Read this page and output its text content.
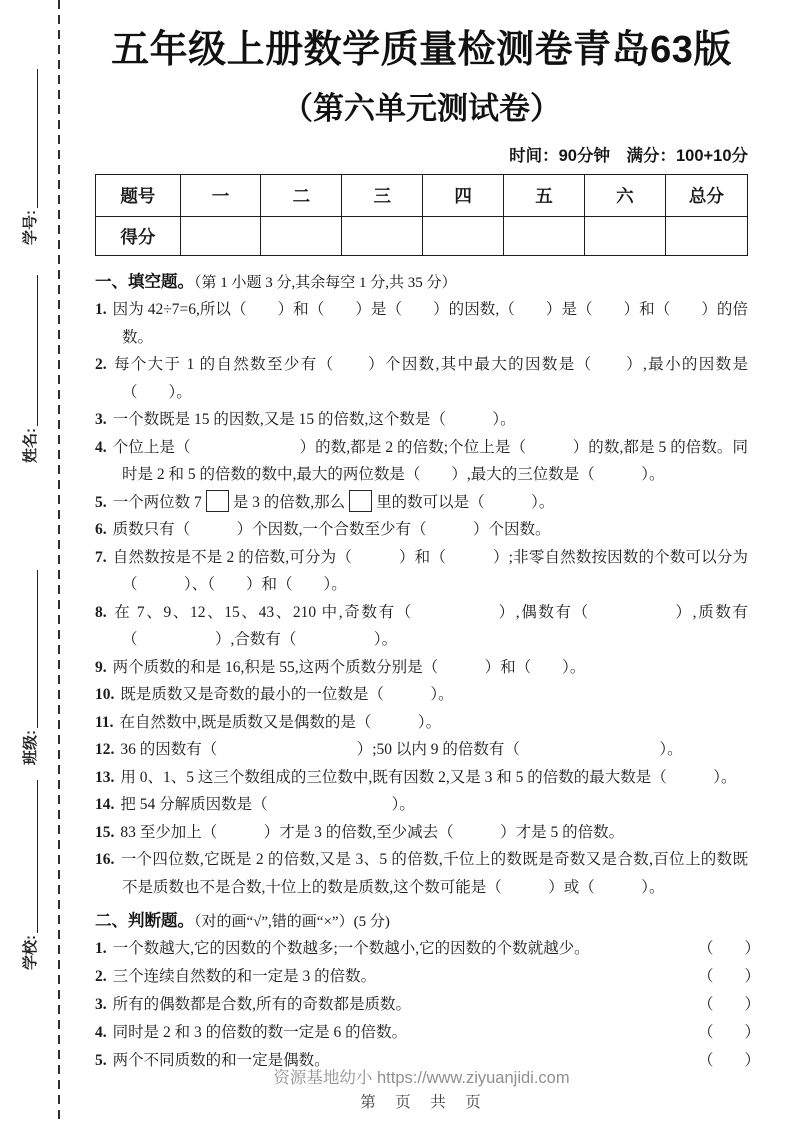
学号:
姓名:
班级:
学校:
五年级上册数学质量检测卷青岛63版
（第六单元测试卷）
时间：90分钟　满分：100+10分
题号	一	二	三	四	五	六	总分
得分							
一、填空题。（第 1 小题 3 分,其余每空 1 分,共 35 分）
1. 因为 42÷7=6,所以（　　）和（　　）是（　　）的因数,（　　）是（　　）和（　　）的倍数。
2. 每个大于 1 的自然数至少有（　　）个因数,其中最大的因数是（　　）,最小的因数是（　　）。
3. 一个数既是 15 的因数,又是 15 的倍数,这个数是（　　　）。
4. 个位上是（　　　　　　　）的数,都是 2 的倍数;个位上是（　　　）的数,都是 5 的倍数。同时是 2 和 5 的倍数的数中,最大的两位数是（　　）,最大的三位数是（　　　）。
5. 一个两位数 7 是 3 的倍数,那么 里的数可以是（　　　）。
6. 质数只有（　　　）个因数,一个合数至少有（　　　）个因数。
7. 自然数按是不是 2 的倍数,可分为（　　　）和（　　　）;非零自然数按因数的个数可以分为（　　　）、（　　）和（　　）。
8. 在 7、9、12、15、43、210 中,奇数有（　　　　　）,偶数有（　　　　　）,质数有（　　　　　）,合数有（　　　　　）。
9. 两个质数的和是 16,积是 55,这两个质数分别是（　　　）和（　　）。
10. 既是质数又是奇数的最小的一位数是（　　　）。
11. 在自然数中,既是质数又是偶数的是（　　　）。
12. 36 的因数有（　　　　　　　　　）;50 以内 9 的倍数有（　　　　　　　　　）。
13. 用 0、1、5 这三个数组成的三位数中,既有因数 2,又是 3 和 5 的倍数的最大数是（　　　）。
14. 把 54 分解质因数是（　　　　　　　　）。
15. 83 至少加上（　　　）才是 3 的倍数,至少减去（　　　）才是 5 的倍数。
16. 一个四位数,它既是 2 的倍数,又是 3、5 的倍数,千位上的数既是奇数又是合数,百位上的数既不是质数也不是合数,十位上的数是质数,这个数可能是（　　　）或（　　　）。
二、判断题。（对的画“√”,错的画“×”）(5 分)
1. 一个数越大,它的因数的个数越多;一个数越小,它的因数的个数就越少。	（　　）
2. 三个连续自然数的和一定是 3 的倍数。	（　　）
3. 所有的偶数都是合数,所有的奇数都是质数。	（　　）
4. 同时是 2 和 3 的倍数的数一定是 6 的倍数。	（　　）
5. 两个不同质数的和一定是偶数。	（　　）
资源基地幼小 https://www.ziyuanjidi.com
第　页　共　页
